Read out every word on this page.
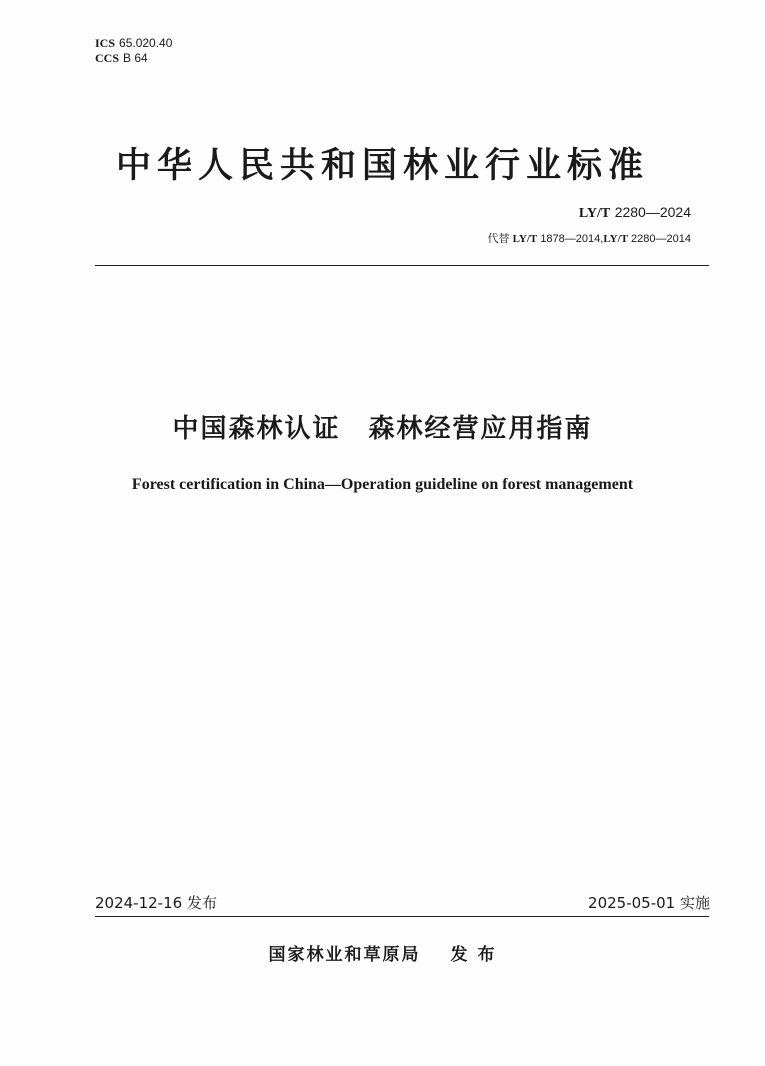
ICS 65.020.40
CCS B 64
中华人民共和国林业行业标准
LY/T 2280—2024
代替 LY/T 1878—2014,LY/T 2280—2014
中国森林认证　森林经营应用指南
Forest certification in China—Operation guideline on forest management
2024-12-16 发布	2025-05-01 实施
国家林业和草原局 发 布
